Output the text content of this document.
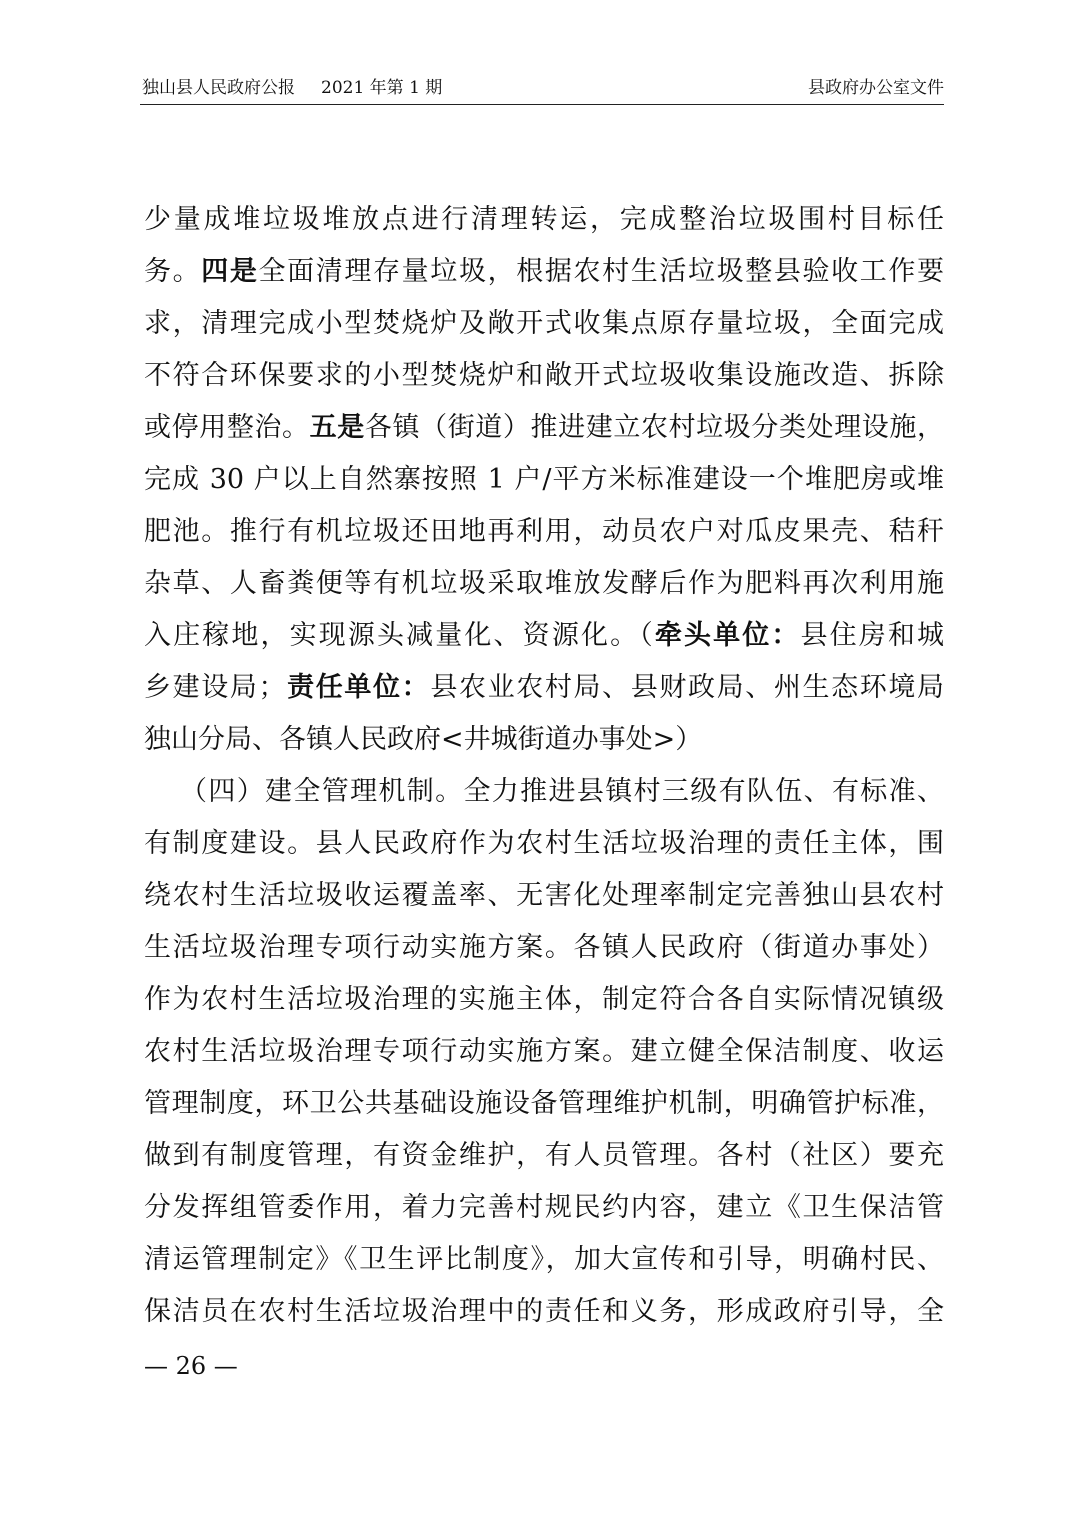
独山县人民政府公报 2021 年第 1 期	县政府办公室文件
少量成堆垃圾堆放点进行清理转运，完成整治垃圾围村目标任
务。四是全面清理存量垃圾，根据农村生活垃圾整县验收工作要
求，清理完成小型焚烧炉及敞开式收集点原存量垃圾，全面完成
不符合环保要求的小型焚烧炉和敞开式垃圾收集设施改造、拆除
或停用整治。五是各镇（街道）推进建立农村垃圾分类处理设施，
完成 30 户以上自然寨按照 1 户/平方米标准建设一个堆肥房或堆
肥池。推行有机垃圾还田地再利用，动员农户对瓜皮果壳、秸秆
杂草、人畜粪便等有机垃圾采取堆放发酵后作为肥料再次利用施
入庄稼地，实现源头减量化、资源化。（牵头单位：县住房和城
乡建设局；责任单位：县农业农村局、县财政局、州生态环境局
独山分局、各镇人民政府<井城街道办事处>）
（四）建全管理机制。全力推进县镇村三级有队伍、有标准、
有制度建设。县人民政府作为农村生活垃圾治理的责任主体，围
绕农村生活垃圾收运覆盖率、无害化处理率制定完善独山县农村
生活垃圾治理专项行动实施方案。各镇人民政府（街道办事处）
作为农村生活垃圾治理的实施主体，制定符合各自实际情况镇级
农村生活垃圾治理专项行动实施方案。建立健全保洁制度、收运
管理制度，环卫公共基础设施设备管理维护机制，明确管护标准，
做到有制度管理，有资金维护，有人员管理。各村（社区）要充
分发挥组管委作用，着力完善村规民约内容，建立《卫生保洁管
清运管理制定》《卫生评比制度》，加大宣传和引导，明确村民、
保洁员在农村生活垃圾治理中的责任和义务，形成政府引导，全
— 26 —
